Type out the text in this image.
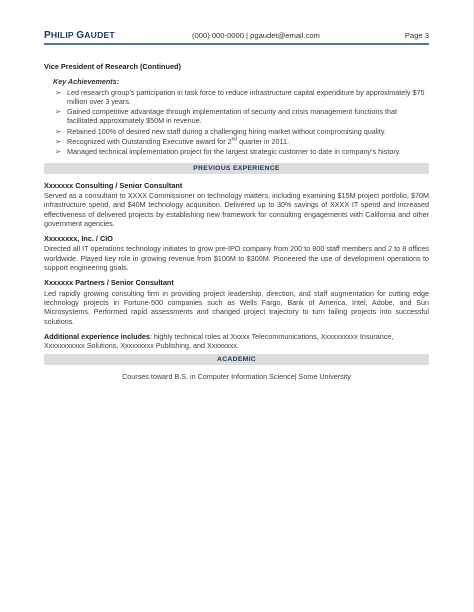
PHILIP GAUDET	(000) 000-0000 | pgaudet@email.com	Page 3
Vice President of Research (Continued)
Key Achievements:
➢ Led research group’s participation in task force to reduce infrastructure capital expenditure by approximately $75 million over 3 years.
➢ Gained competitive advantage through implementation of security and crisis management functions that facilitated approximately $50M in revenue.
➢ Retained 100% of desired new staff during a challenging hiring market without compromising quality.
➢ Recognized with Outstanding Executive award for 2nd quarter in 2011.
➢ Managed technical implementation project for the largest strategic customer to date in company’s history.
PREVIOUS EXPERIENCE
Xxxxxxx Consulting / Senior Consultant
Served as a consultant to XXXX Commissioner on technology matters, including examining $15M project portfolio, $70M infrastructure spend, and $40M technology acquisition. Delivered up to 30% savings of XXXX IT spend and increased effectiveness of delivered projects by establishing new framework for consulting engagements with California and other government agencies.
Xxxxxxxx, Inc. / CIO
Directed all IT operations technology initiates to grow pre-IPO company from 200 to 800 staff members and 2 to 8 offices worldwide. Played key role in growing revenue from $100M to $300M. Pioneered the use of development operations to support engineering goals.
Xxxxxxx Partners / Senior Consultant
Led rapidly growing consulting firm in providing project leadership, direction, and staff augmentation for cutting edge technology projects in Fortune-500 companies such as Wells Fargo, Bank of America, Intel, Adobe, and Sun Microsystems. Performed rapid assessments and changed project trajectory to turn failing projects into successful solutions.
Additional experience includes: highly technical roles at Xxxxx Telecommunications, Xxxxxxxxxx Insurance, Xxxxxxxxxxx Solutions, Xxxxxxxxx Publishing, and Xxxxxxxx.
ACADEMIC
Courses toward B.S. in Computer Information Science| Some University
